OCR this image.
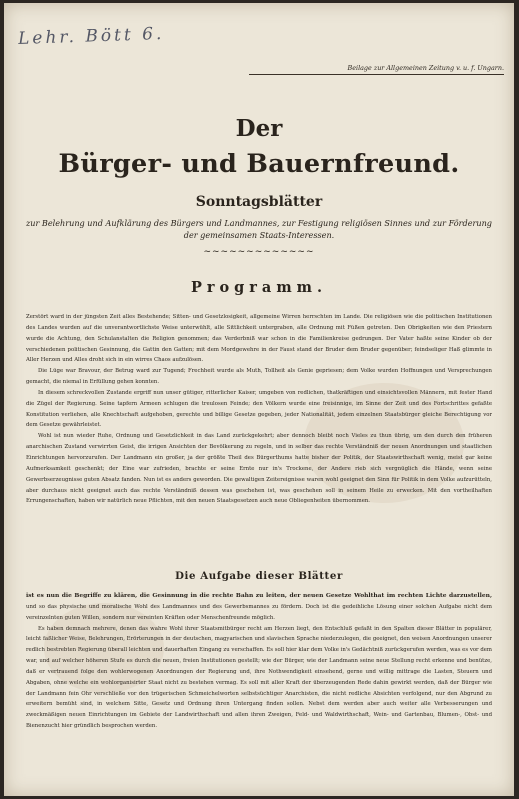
Lehr. Bött 6.
Beilage zur Allgemeinen Zeitung v. u. f. Ungarn.
Der
Bürger- und Bauernfreund.
Sonntagsblätter
zur Belehrung und Aufklärung des Bürgers und Landmannes, zur Festigung religiösen Sinnes und zur Förderung der gemeinsamen Staats-Interessen.
~~~~~~~~~~~~~
Programm.

Zerstört ward in der jüngsten Zeit alles Bestehende; Sitten- und Gesetzlosigkeit, allgemeine Wirren herrschten im Lande. Die religiösen wie die politischen Institutionen des Landes wurden auf die unverantwortlichste Weise unterwühlt, alle Sittlichkeit untergraben, alle Ordnung mit Füßen getreten. Den Obrigkeiten wie den Priestern wurde die Achtung, den Schulanstalten die Religion genommen; das Verderbniß war schon in die Familienkreise gedrungen. Der Vater haßte seine Kinder ob der verschiedenen politischen Gesinnung, die Gattin den Gatten; mit dem Mordgewehre in der Faust stand der Bruder dem Bruder gegenüber; feindseliger Haß glimmte in Aller Herzen und Alles droht sich in ein wirres Chaos aufzulösen.

Die Lüge war Bravour, der Betrug ward zur Tugend; Frechheit wurde als Muth, Tollheit als Genie gepriesen; dem Volke wurden Hoffnungen und Versprechungen gemacht, die niemal in Erfüllung gehen konnten.

In diesem schreckvollen Zustande ergriff nun unser gütiger, ritterlicher Kaiser, umgeben von redlichen, thatkräftigen und einsichtsvollen Männern, mit fester Hand die Zügel der Regierung. Seine tapfern Armeen schlugen die treulosen Feinde; den Völkern wurde eine freisinnige, im Sinne der Zeit und des Fortschrittes gefaßte Konstitution verliehen, alle Knechtschaft aufgehoben, gerechte und billige Gesetze gegeben, jeder Nationalität, jedem einzelnen Staatsbürger gleiche Berechtigung vor dem Gesetze gewährleistet.

Wohl ist nun wieder Ruhe, Ordnung und Gesetzlichkeit in das Land zurückgekehrt; aber dennoch bleibt noch Vieles zu thun übrig, um den durch den früheren anarchischen Zustand verwirrten Geist, die irrigen Ansichten der Bevölkerung zu regeln, und in selber das rechte Verständniß der neuen Anordnungen und staatlichen Einrichtungen hervorzurufen. Der Landmann ein großer, ja der größte Theil des Bürgerthums hatte bisher der Politik, der Staatswirthschaft wenig, meist gar keine Aufmerksamkeit geschenkt; der Eine war zufrieden, brachte er seine Ernte nur in's Trockene, der Andere rieb sich vergnüglich die Hände, wenn seine Gewerbserzeugnisse guten Absatz fanden. Nun ist es anders geworden. Die gewaltigen Zeitereignisse waren wohl geeignet den Sinn für Politik in dem Volke aufzurütteln, aber durchaus nicht geeignet auch das rechte Verständniß dessen was geschehen ist, was geschehen soll in seinem Heile zu erwecken. Mit den vortheilhaften Errungenschaften, haben wir natürlich neue Pflichten, mit den neuen Staatsgesetzen auch neue Obliegenheiten übernommen.

Die Aufgabe dieser Blätter

ist es nun die Begriffe zu klären, die Gesinnung in die rechte Bahn zu leiten, der neuen Gesetze Wohlthat im rechten Lichte darzustellen, und so das physische und moralische Wohl des Landmannes und des Gewerbsmannes zu fördern. Doch ist die gedeihliche Lösung einer solchen Aufgabe nicht dem vereinzelnten guten Willen, sondern nur vereinten Kräften oder Menschenfreunde möglich.

Es haben demnach mehrere, denen das wahre Wohl ihrer Staatsmitbürger recht am Herzen liegt, den Entschluß gefaßt in den Spalten dieser Blätter in populärer, leicht faßlicher Weise, Belehrungen, Erörterungen in der deutschen, magyarischen und slavischen Sprache niederzulegen, die geeignet, den weisen Anordnungen unserer redlich bestrebten Regierung überall leichten und dauerhaften Eingang zu verschaffen. Es soll hier klar dem Volke in's Gedächtniß zurückgerufen werden, was es vor dem war, und auf welcher höheren Stufe es durch die neuen, freien Institutionen gestellt; wie der Bürger, wie der Landmann seine neue Stellung recht erkenne und benütze, daß er vertrauend folge den wohlerwogenen Anordnungen der Regierung und, ihre Nothwendigkeit einsehend, gerne und willig mittrage die Lasten, Steuern und Abgaben, ohne welche ein wohlorganisirter Staat nicht zu bestehen vermag. Es soll mit aller Kraft der überzeugenden Rede dahin gewirkt werden, daß der Bürger wie der Landmann fein Ohr verschließe vor den trügerischen Schmeichelworten selbstsüchtiger Anarchisten, die nicht redliche Absichten verfolgend, nur den Abgrund zu erweitern bemüht sind, in welchem Sitte, Gesetz und Ordnung ihren Untergang finden sollen. Nebst dem werden aber auch weiter alle Verbesserungen und zweckmäßigen neuen Einrichtungen im Gebiete der Landwirthschaft und allen ihren Zweigen, Feld- und Waldwirthschaft, Wein- und Gartenbau, Blumen-, Obst- und Bienenzucht hier gründlich besprochen werden.
